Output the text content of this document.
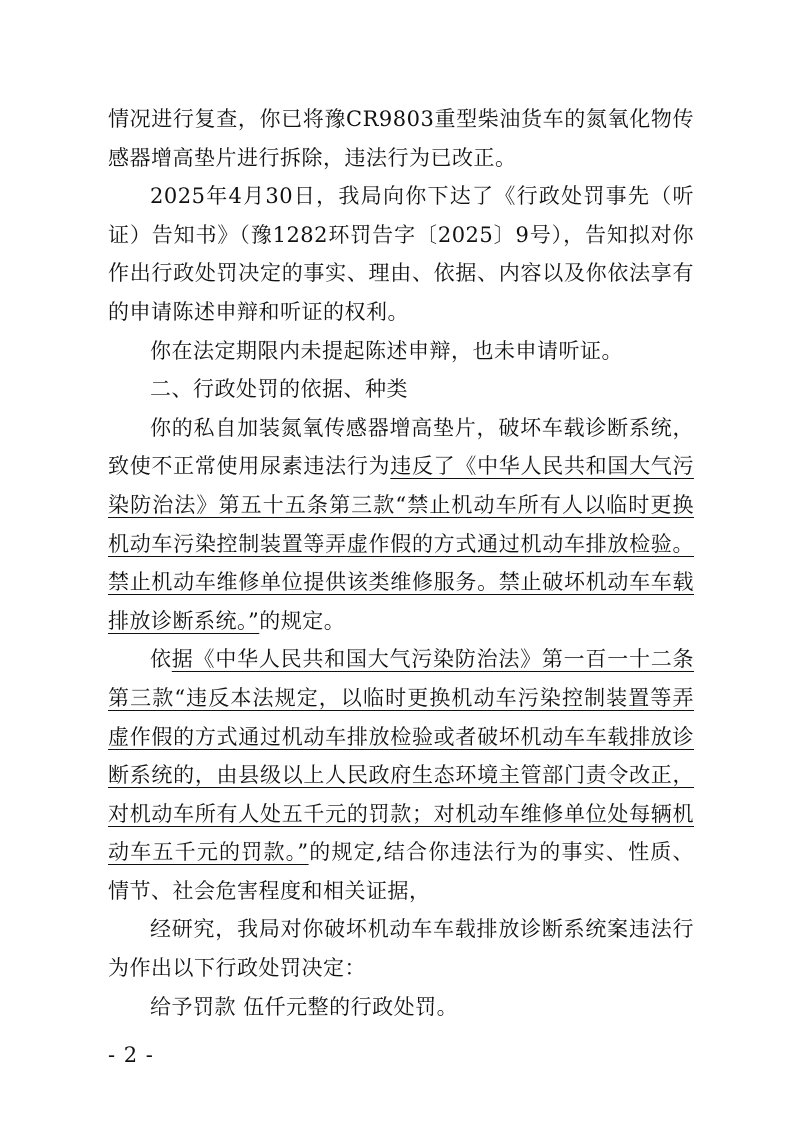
情况进行复查，你已将豫CR9803重型柴油货车的氮氧化物传感器增高垫片进行拆除，违法行为已改正。

2025年4月30日，我局向你下达了《行政处罚事先（听证）告知书》（豫1282环罚告字〔2025〕9号），告知拟对你作出行政处罚决定的事实、理由、依据、内容以及你依法享有的申请陈述申辩和听证的权利。

你在法定期限内未提起陈述申辩，也未申请听证。

二、行政处罚的依据、种类

你的私自加装氮氧传感器增高垫片，破坏车载诊断系统，致使不正常使用尿素违法行为违反了《中华人民共和国大气污染防治法》第五十五条第三款“禁止机动车所有人以临时更换机动车污染控制装置等弄虚作假的方式通过机动车排放检验。禁止机动车维修单位提供该类维修服务。禁止破坏机动车车载排放诊断系统。”的规定。

依据《中华人民共和国大气污染防治法》第一百一十二条第三款“违反本法规定，以临时更换机动车污染控制装置等弄虚作假的方式通过机动车排放检验或者破坏机动车车载排放诊断系统的，由县级以上人民政府生态环境主管部门责令改正，对机动车所有人处五千元的罚款；对机动车维修单位处每辆机动车五千元的罚款。”的规定,结合你违法行为的事实、性质、情节、社会危害程度和相关证据，

经研究，我局对你破坏机动车车载排放诊断系统案违法行为作出以下行政处罚决定：

给予罚款 伍仟元整的行政处罚。

- 2 -
